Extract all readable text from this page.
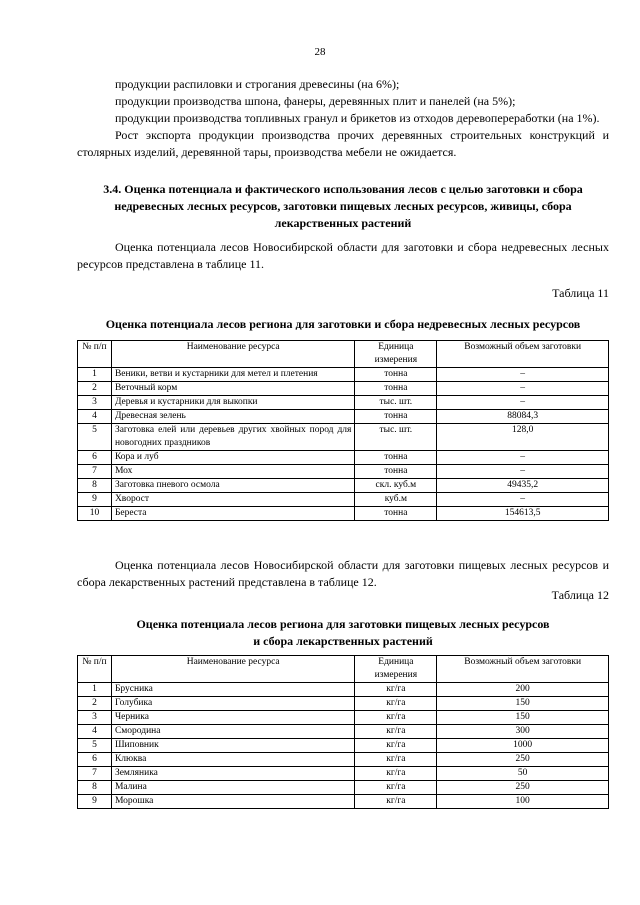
28
продукции распиловки и строгания древесины (на 6%);
продукции производства шпона, фанеры, деревянных плит и панелей (на 5%);
продукции производства топливных гранул и брикетов из отходов деревопереработки (на 1%).
Рост экспорта продукции производства прочих деревянных строительных конструкций и столярных изделий, деревянной тары, производства мебели не ожидается.
3.4. Оценка потенциала и фактического использования лесов с целью заготовки и сбора недревесных лесных ресурсов, заготовки пищевых лесных ресурсов, живицы, сбора лекарственных растений
Оценка потенциала лесов Новосибирской области для заготовки и сбора недревесных лесных ресурсов представлена в таблице 11.
Таблица 11
Оценка потенциала лесов региона для заготовки и сбора недревесных лесных ресурсов
№ п/п	Наименование ресурса	Единица измерения	Возможный объем заготовки
1	Веники, ветви и кустарники для метел и плетения	тонна	–
2	Веточный корм	тонна	–
3	Деревья и кустарники для выкопки	тыс. шт.	–
4	Древесная зелень	тонна	88084,3
5	Заготовка елей или деревьев других хвойных пород для новогодних праздников	тыс. шт.	128,0
6	Кора и луб	тонна	–
7	Мох	тонна	–
8	Заготовка пневого осмола	скл. куб.м	49435,2
9	Хворост	куб.м	–
10	Береста	тонна	154613,5
Оценка потенциала лесов Новосибирской области для заготовки пищевых лесных ресурсов и сбора лекарственных растений представлена в таблице 12.
Таблица 12
Оценка потенциала лесов региона для заготовки пищевых лесных ресурсов
и сбора лекарственных растений
№ п/п	Наименование ресурса	Единица измерения	Возможный объем заготовки
1	Брусника	кг/га	200
2	Голубика	кг/га	150
3	Черника	кг/га	150
4	Смородина	кг/га	300
5	Шиповник	кг/га	1000
6	Клюква	кг/га	250
7	Земляника	кг/га	50
8	Малина	кг/га	250
9	Морошка	кг/га	100
